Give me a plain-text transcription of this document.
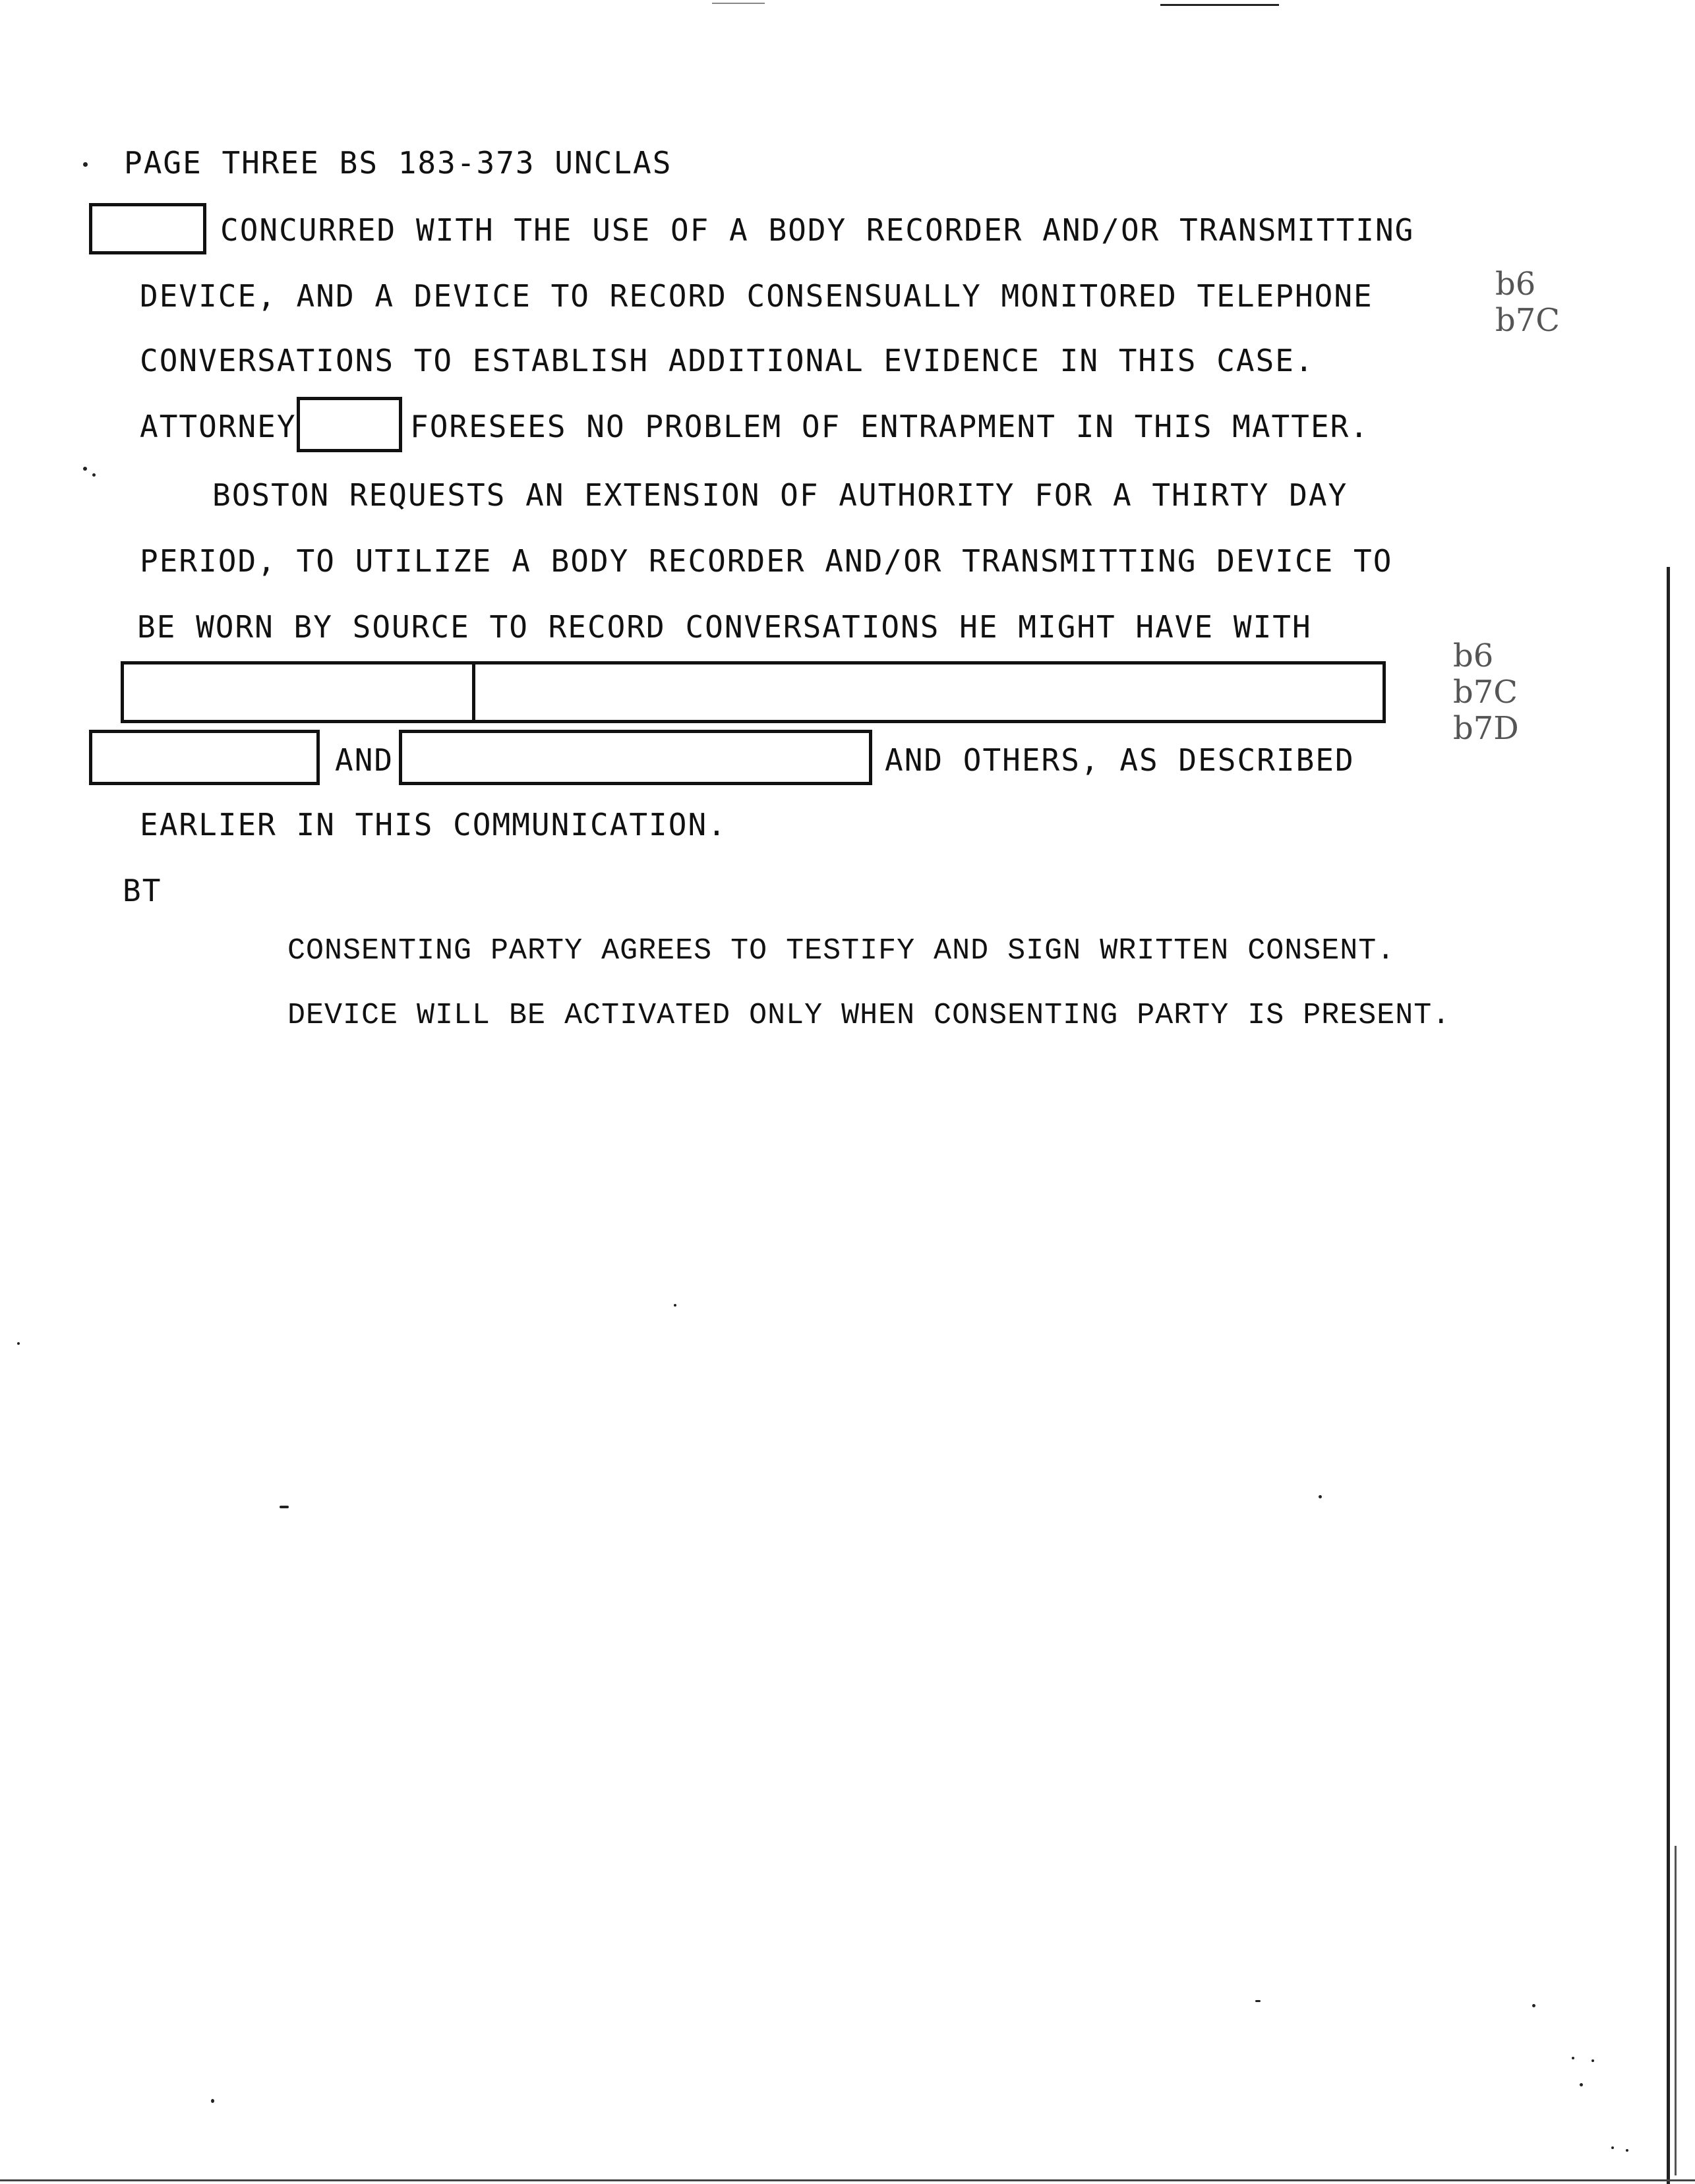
PAGE THREE BS 183-373 UNCLAS
CONCURRED WITH THE USE OF A BODY RECORDER AND/OR TRANSMITTING
DEVICE, AND A DEVICE TO RECORD CONSENSUALLY MONITORED TELEPHONE
CONVERSATIONS TO ESTABLISH ADDITIONAL EVIDENCE IN THIS CASE.
ATTORNEY	FORESEES NO PROBLEM OF ENTRAPMENT IN THIS MATTER.
b6
b7C
BOSTON REQUESTS AN EXTENSION OF AUTHORITY FOR A THIRTY DAY
PERIOD, TO UTILIZE A BODY RECORDER AND/OR TRANSMITTING DEVICE TO
BE WORN BY SOURCE TO RECORD CONVERSATIONS HE MIGHT HAVE WITH
b6
b7C
b7D
AND	AND OTHERS, AS DESCRIBED
EARLIER IN THIS COMMUNICATION.
BT
CONSENTING PARTY AGREES TO TESTIFY AND SIGN WRITTEN CONSENT.
DEVICE WILL BE ACTIVATED ONLY WHEN CONSENTING PARTY IS PRESENT.
